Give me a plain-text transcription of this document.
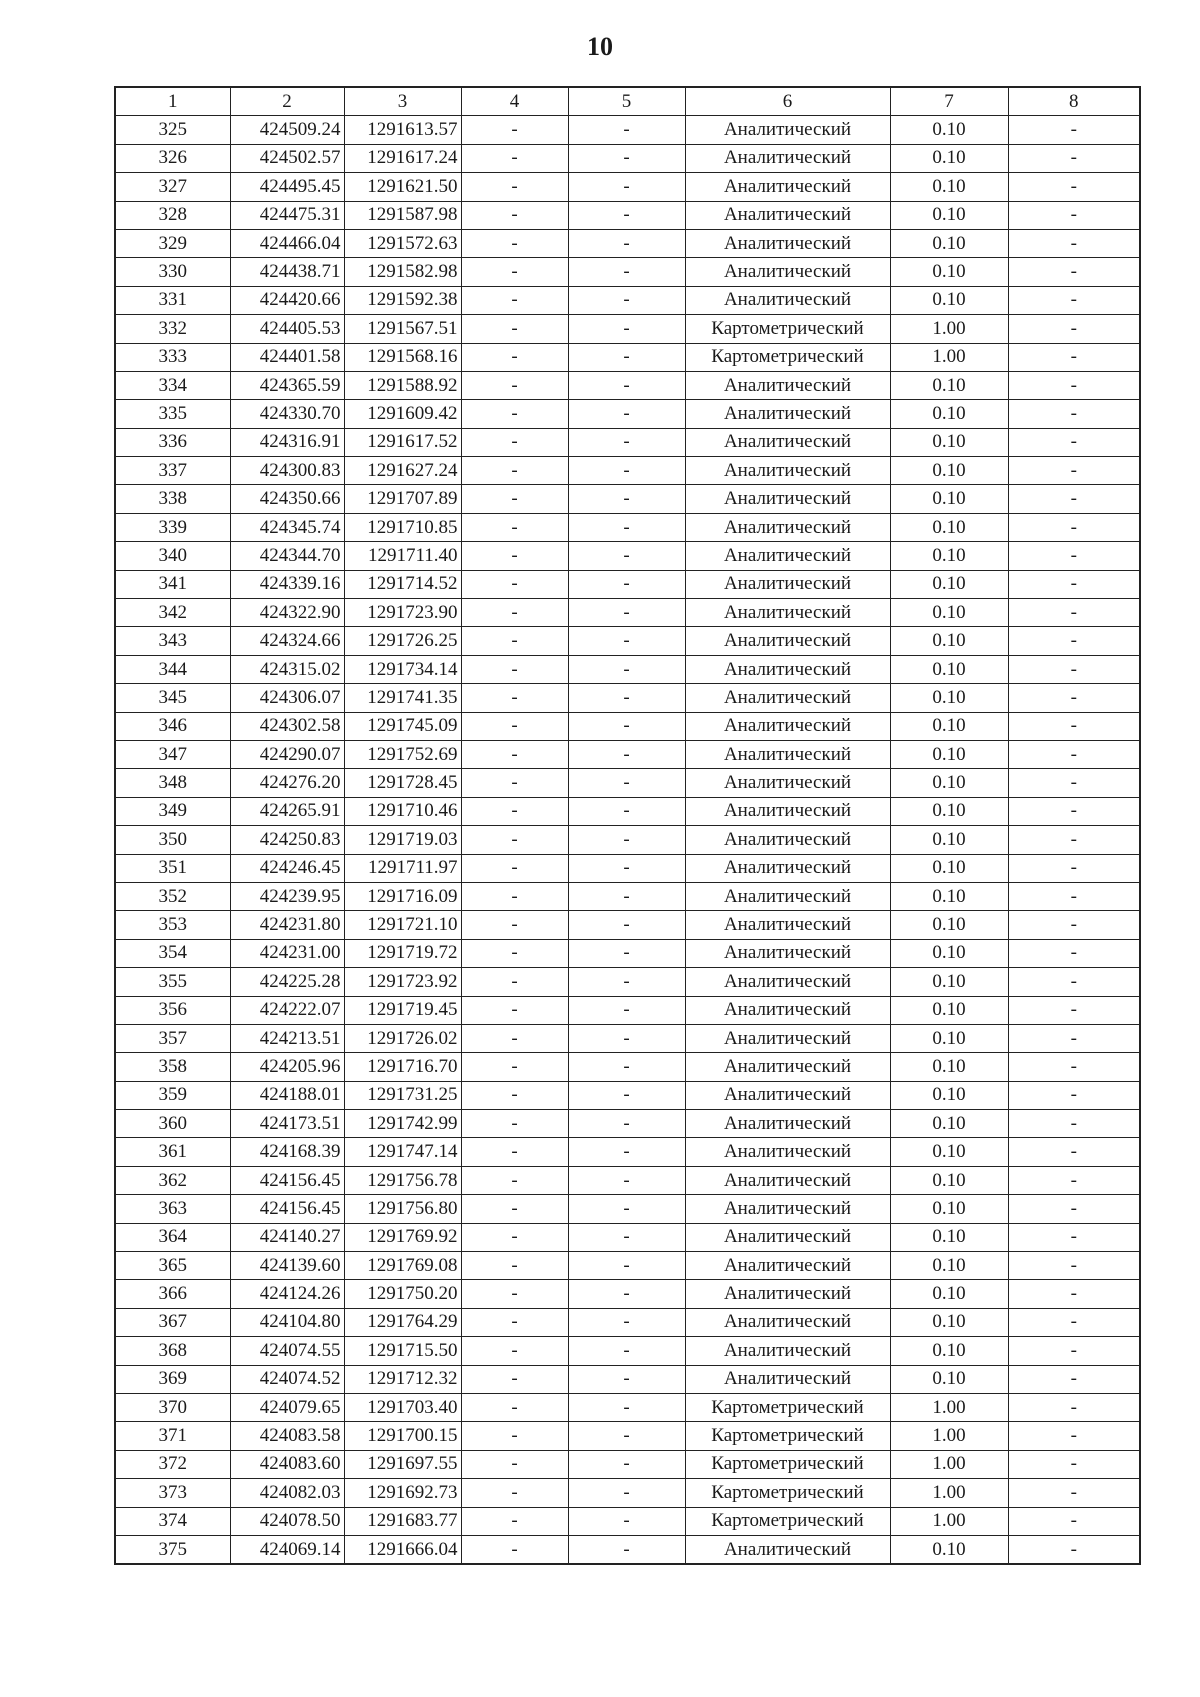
10
1	2	3	4	5	6	7	8
325	424509.24	1291613.57	-	-	Аналитический	0.10	-
326	424502.57	1291617.24	-	-	Аналитический	0.10	-
327	424495.45	1291621.50	-	-	Аналитический	0.10	-
328	424475.31	1291587.98	-	-	Аналитический	0.10	-
329	424466.04	1291572.63	-	-	Аналитический	0.10	-
330	424438.71	1291582.98	-	-	Аналитический	0.10	-
331	424420.66	1291592.38	-	-	Аналитический	0.10	-
332	424405.53	1291567.51	-	-	Картометрический	1.00	-
333	424401.58	1291568.16	-	-	Картометрический	1.00	-
334	424365.59	1291588.92	-	-	Аналитический	0.10	-
335	424330.70	1291609.42	-	-	Аналитический	0.10	-
336	424316.91	1291617.52	-	-	Аналитический	0.10	-
337	424300.83	1291627.24	-	-	Аналитический	0.10	-
338	424350.66	1291707.89	-	-	Аналитический	0.10	-
339	424345.74	1291710.85	-	-	Аналитический	0.10	-
340	424344.70	1291711.40	-	-	Аналитический	0.10	-
341	424339.16	1291714.52	-	-	Аналитический	0.10	-
342	424322.90	1291723.90	-	-	Аналитический	0.10	-
343	424324.66	1291726.25	-	-	Аналитический	0.10	-
344	424315.02	1291734.14	-	-	Аналитический	0.10	-
345	424306.07	1291741.35	-	-	Аналитический	0.10	-
346	424302.58	1291745.09	-	-	Аналитический	0.10	-
347	424290.07	1291752.69	-	-	Аналитический	0.10	-
348	424276.20	1291728.45	-	-	Аналитический	0.10	-
349	424265.91	1291710.46	-	-	Аналитический	0.10	-
350	424250.83	1291719.03	-	-	Аналитический	0.10	-
351	424246.45	1291711.97	-	-	Аналитический	0.10	-
352	424239.95	1291716.09	-	-	Аналитический	0.10	-
353	424231.80	1291721.10	-	-	Аналитический	0.10	-
354	424231.00	1291719.72	-	-	Аналитический	0.10	-
355	424225.28	1291723.92	-	-	Аналитический	0.10	-
356	424222.07	1291719.45	-	-	Аналитический	0.10	-
357	424213.51	1291726.02	-	-	Аналитический	0.10	-
358	424205.96	1291716.70	-	-	Аналитический	0.10	-
359	424188.01	1291731.25	-	-	Аналитический	0.10	-
360	424173.51	1291742.99	-	-	Аналитический	0.10	-
361	424168.39	1291747.14	-	-	Аналитический	0.10	-
362	424156.45	1291756.78	-	-	Аналитический	0.10	-
363	424156.45	1291756.80	-	-	Аналитический	0.10	-
364	424140.27	1291769.92	-	-	Аналитический	0.10	-
365	424139.60	1291769.08	-	-	Аналитический	0.10	-
366	424124.26	1291750.20	-	-	Аналитический	0.10	-
367	424104.80	1291764.29	-	-	Аналитический	0.10	-
368	424074.55	1291715.50	-	-	Аналитический	0.10	-
369	424074.52	1291712.32	-	-	Аналитический	0.10	-
370	424079.65	1291703.40	-	-	Картометрический	1.00	-
371	424083.58	1291700.15	-	-	Картометрический	1.00	-
372	424083.60	1291697.55	-	-	Картометрический	1.00	-
373	424082.03	1291692.73	-	-	Картометрический	1.00	-
374	424078.50	1291683.77	-	-	Картометрический	1.00	-
375	424069.14	1291666.04	-	-	Аналитический	0.10	-
